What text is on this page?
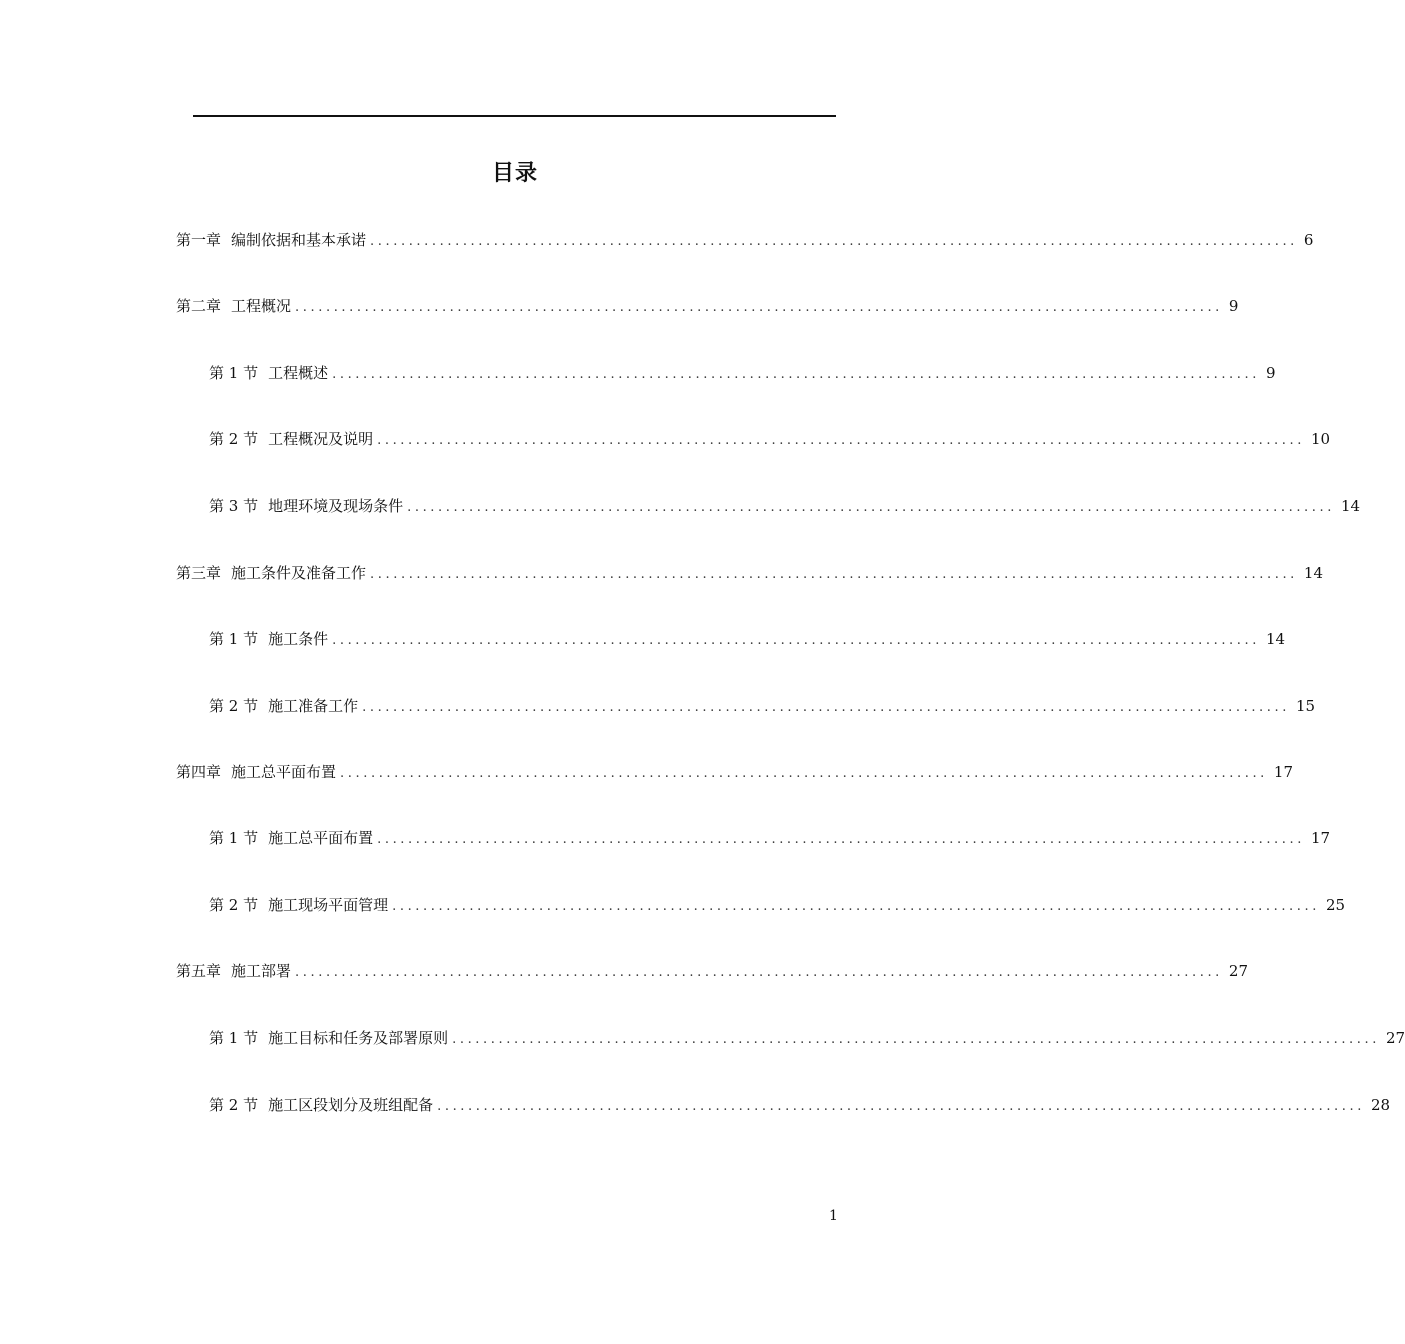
目录
第一章 编制依据和基本承诺 ........................................................................................................................ 6
第二章 工程概况 ........................................................................................................................ 9
第 1 节 工程概述 ........................................................................................................................ 9
第 2 节 工程概况及说明 ........................................................................................................................ 10
第 3 节 地理环境及现场条件 ........................................................................................................................ 14
第三章 施工条件及准备工作 ........................................................................................................................ 14
第 1 节 施工条件 ........................................................................................................................ 14
第 2 节 施工准备工作 ........................................................................................................................ 15
第四章 施工总平面布置 ........................................................................................................................ 17
第 1 节 施工总平面布置 ........................................................................................................................ 17
第 2 节 施工现场平面管理 ........................................................................................................................ 25
第五章 施工部署 ........................................................................................................................ 27
第 1 节 施工目标和任务及部署原则 ........................................................................................................................ 27
第 2 节 施工区段划分及班组配备 ........................................................................................................................ 28
1
